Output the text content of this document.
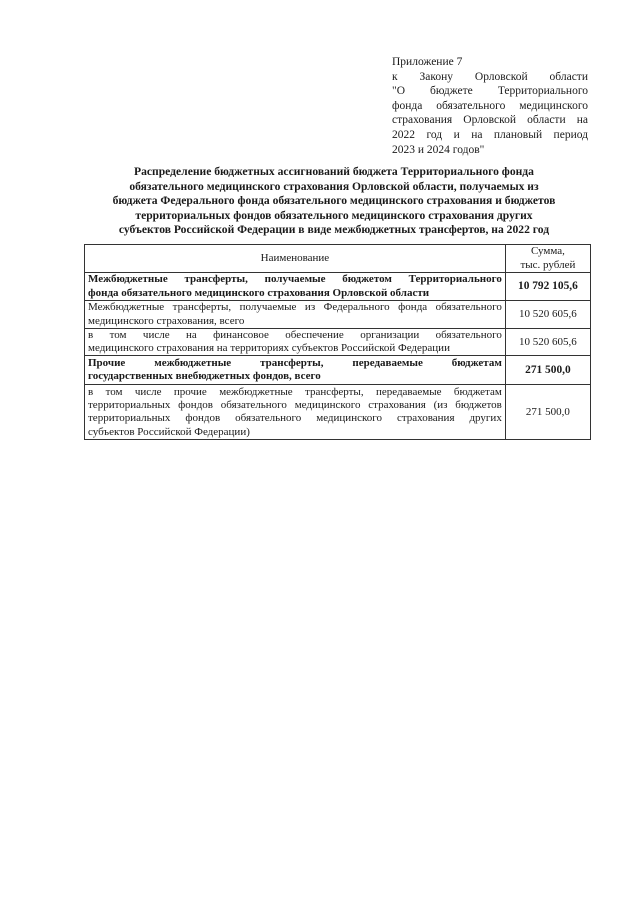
Приложение 7
к Закону Орловской области
"О бюджете Территориального
фонда обязательного медицинского
страхования Орловской области на
2022 год и на плановый период
2023 и 2024 годов"
Распределение бюджетных ассигнований бюджета Территориального фонда
обязательного медицинского страхования Орловской области, получаемых из
бюджета Федерального фонда обязательного медицинского страхования и бюджетов
территориальных фондов обязательного медицинского страхования других
субъектов Российской Федерации в виде межбюджетных трансфертов, на 2022 год
Наименование	Сумма,
тыс. рублей

Межбюджетные трансферты, получаемые бюджетом Территориального
фонда обязательного медицинского страхования Орловской области	10 792 105,6

Межбюджетные трансферты, получаемые из Федерального фонда обязательного
медицинского страхования, всего	10 520 605,6

в том числе на финансовое обеспечение организации обязательного
медицинского страхования на территориях субъектов Российской Федерации	10 520 605,6

Прочие межбюджетные трансферты, передаваемые бюджетам
государственных внебюджетных фондов, всего	271 500,0

в том числе прочие межбюджетные трансферты, передаваемые бюджетам
территориальных фондов обязательного медицинского страхования (из бюджетов
территориальных фондов обязательного медицинского страхования других
субъектов Российской Федерации)	271 500,0
